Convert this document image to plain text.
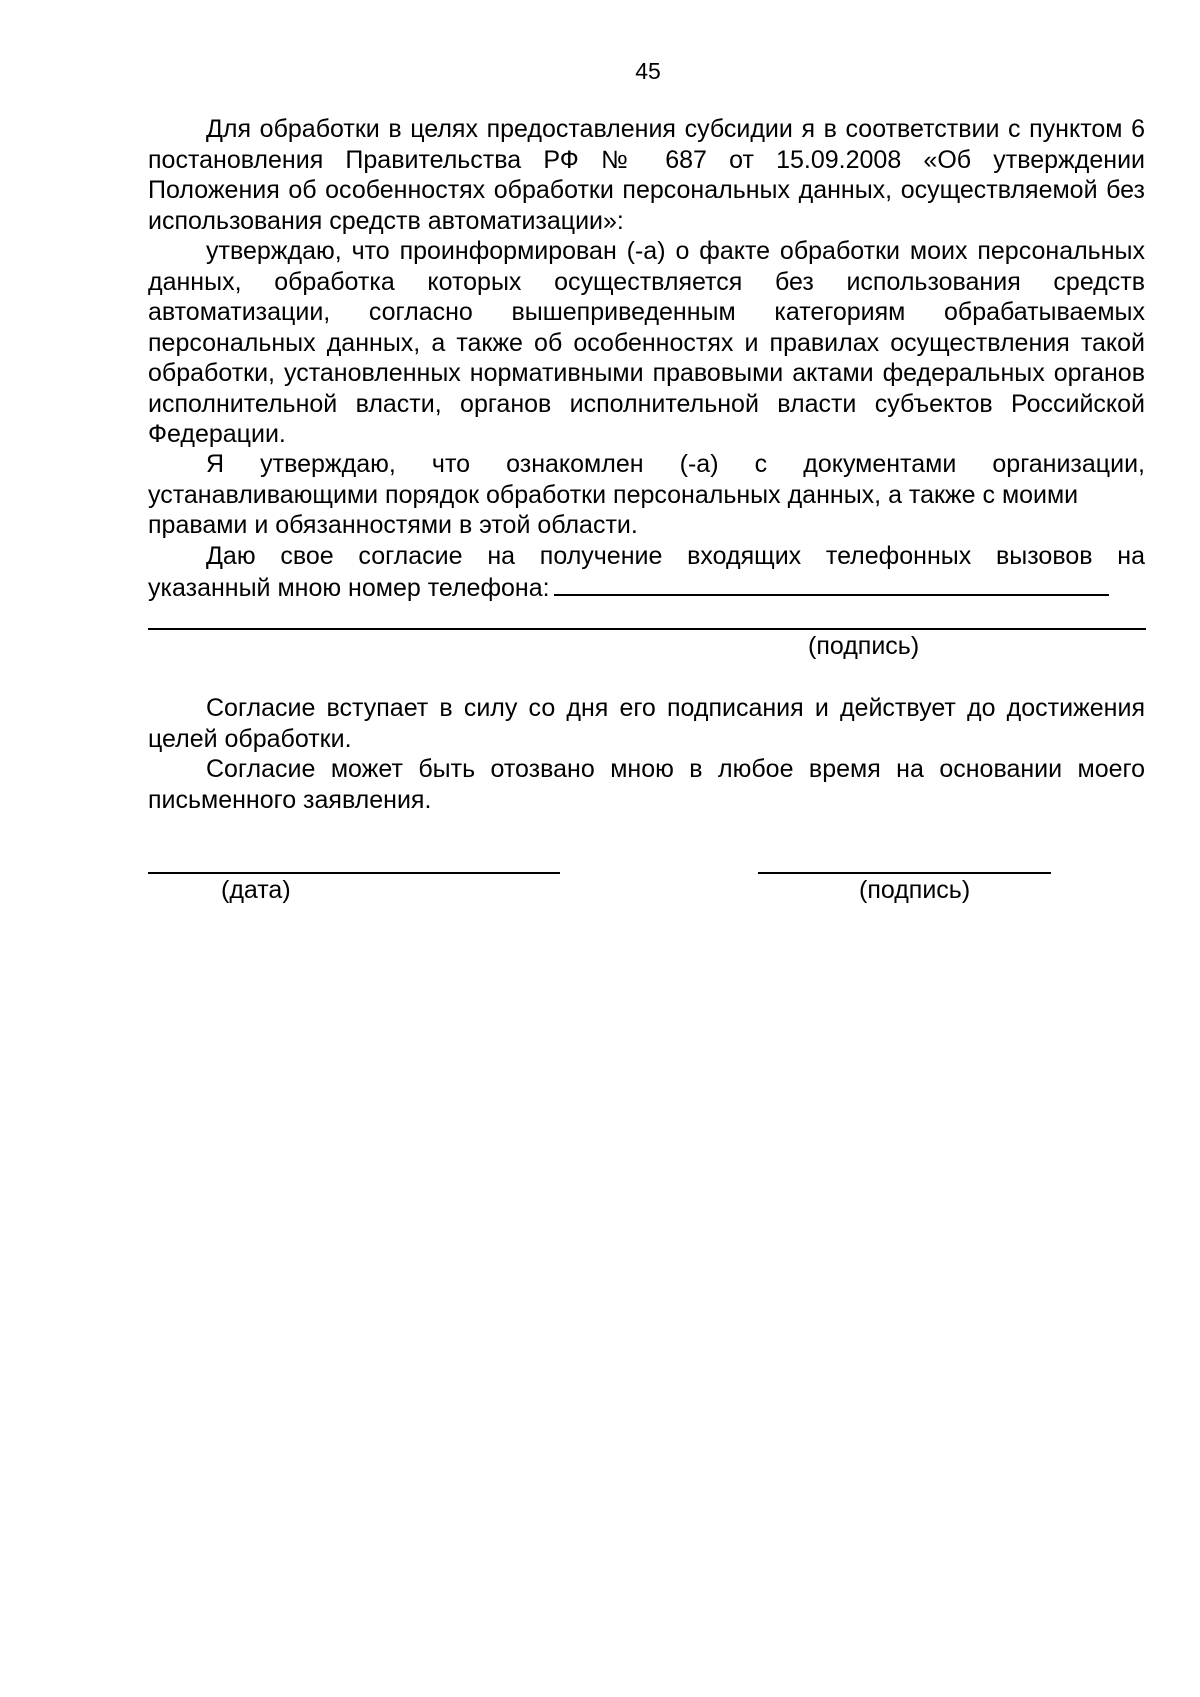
45

Для обработки в целях предоставления субсидии я в соответствии с пунктом 6 постановления Правительства РФ № 687 от 15.09.2008 «Об утверждении Положения об особенностях обработки персональных данных, осуществляемой без использования средств автоматизации»:

утверждаю, что проинформирован (-а) о факте обработки моих персональных данных, обработка которых осуществляется без использования средств автоматизации, согласно вышеприведенным категориям обрабатываемых персональных данных, а также об особенностях и правилах осуществления такой обработки, установленных нормативными правовыми актами федеральных органов исполнительной власти, органов исполнительной власти субъектов Российской Федерации.

Я утверждаю, что ознакомлен (-а) с документами организации,
устанавливающими порядок обработки персональных данных, а также с моими
правами и обязанностями в этой области.
Даю свое согласие на получение входящих телефонных вызовов на
указанный мною номер телефона:
(подпись)

Согласие вступает в силу со дня его подписания и действует до достижения целей обработки.

Согласие может быть отозвано мною в любое время на основании моего письменного заявления.

(дата)	(подпись)
